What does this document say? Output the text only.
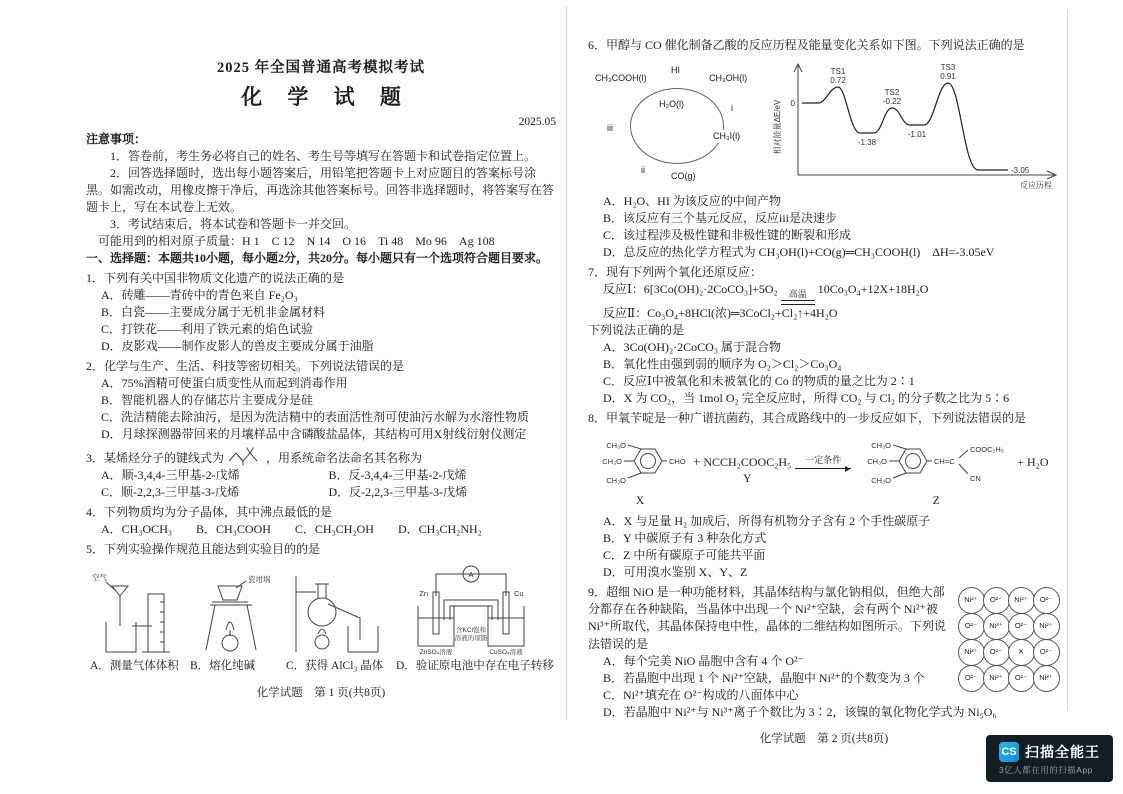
2025 年全国普通高考模拟考试
化 学 试 题
2025.05
注意事项：
1．答卷前，考生务必将自己的姓名、考生号等填写在答题卡和试卷指定位置上。
2．回答选择题时，选出每小题答案后，用铅笔把答题卡上对应题目的答案标号涂黑。如需改动，用橡皮擦干净后，再选涂其他答案标号。回答非选择题时，将答案写在答题卡上，写在本试卷上无效。
3．考试结束后，将本试卷和答题卡一并交回。
可能用到的相对原子质量：H 1　C 12　N 14　O 16　Ti 48　Mo 96　Ag 108
一、选择题：本题共10小题，每小题2分，共20分。每小题只有一个选项符合题目要求。
1．下列有关中国非物质文化遗产的说法正确的是
A．砖雕——青砖中的青色来自 Fe₂O₃
B．白瓷——主要成分属于无机非金属材料
C．打铁花——利用了铁元素的焰色试验
D．皮影戏——制作皮影人的兽皮主要成分属于油脂
2．化学与生产、生活、科技等密切相关。下列说法错误的是
A．75%酒精可使蛋白质变性从而起到消毒作用
B．智能机器人的存储芯片主要成分是硅
C．洗洁精能去除油污，是因为洗洁精中的表面活性剂可使油污水解为水溶性物质
D．月球探测器带回来的月壤样品中含磷酸盐晶体，其结构可用X射线衍射仪测定
3．某烯烃分子的键线式为	，用系统命名法命名其名称为
A．顺-3,4,4-三甲基-2-戊烯	B．反-3,4,4-三甲基-2-戊烯
C．顺-2,2,3-三甲基-3-戊烯	D．反-2,2,3-三甲基-3-戊烯
4．下列物质均为分子晶体，其中沸点最低的是
A．CH₃OCH₃ B．CH₃COOH C．CH₃CH₂OH D．CH₃CH₂NH₂
5．下列实验操作规范且能达到实验目的的是
空气
A．测量气体体积
瓷坩埚
B．熔化纯碱	C．获得 AlCl₃ 晶体
A
Zn	Cu
ZnSO₄溶液	CuSO₄溶液
含KCl饱和
溶液的琼脂
D．验证原电池中存在电子转移
化学试题　第 1 页(共8页)
6．甲醇与 CO 催化制备乙酸的反应历程及能量变化关系如下图。下列说法正确的是
CH₃COOH(l)
HI
CH₃OH(l)
H₂O(l)	i
CH₃I(l)
iii
ii
CO(g)
相对能量ΔE/eV
反应历程
0
TS1
0.72
TS2
-0.22
TS3
0.91
-1.38
-1.01
-3.05
A．H₂O、HI 为该反应的中间产物
B．该反应有三个基元反应，反应iii是决速步
C．该过程涉及极性键和非极性键的断裂和形成
D．总反应的热化学方程式为 CH₃OH(l)+CO(g)═CH₃COOH(l)　ΔH=-3.05eV
7．现有下列两个氧化还原反应：
反应Ⅰ：6[3Co(OH)₂·2CoCO₃]+5O₂ 高温 10Co₃O₄+12X+18H₂O
反应Ⅱ：Co₃O₄+8HCl(浓)═3CoCl₂+Cl₂↑+4H₂O
下列说法正确的是
A．3Co(OH)₂·2CoCO₃ 属于混合物
B．氧化性由强到弱的顺序为 O₂＞Cl₂＞Co₃O₄
C．反应Ⅰ中被氧化和未被氧化的 Co 的物质的量之比为 2∶1
D．X 为 CO₂，当 1mol O₂ 完全反应时，所得 CO₂ 与 Cl₂ 的分子数之比为 5∶6
8．甲氧苄啶是一种广谱抗菌药，其合成路线中的一步反应如下，下列说法错误的是
CH₃O
CH₃O
CH₃O
CHO
X
+ NCCH₂COOC₂H₅
Y
一定条件
CH₃O
CH₃O
CH₃O
CH=C
COOC₂H₅
CN
Z
+ H₂O
A．X 与足量 H₂ 加成后，所得有机物分子含有 2 个手性碳原子
B．Y 中碳原子有 3 种杂化方式
C．Z 中所有碳原子可能共平面
D．可用溴水鉴别 X、Y、Z
Ni²⁺	O²⁻	Ni²⁺	O²⁻
O²⁻	Ni³⁺	O²⁻	Ni²⁺
Ni²⁺	O²⁻	✕	O²⁻
O²⁻	Ni²⁺	O²⁻	Ni³⁺
9．超细 NiO 是一种功能材料，其晶体结构与氯化钠相似，但绝大部分都存在各种缺陷，当晶体中出现一个 Ni²⁺空缺，会有两个 Ni²⁺被 Ni³⁺所取代，其晶体保持电中性，晶体的二维结构如图所示。下列说法错误的是
A．每个完美 NiO 晶胞中含有 4 个 O²⁻
B．若晶胞中出现 1 个 Ni²⁺空缺，晶胞中 Ni²⁺的个数变为 3 个
C．Ni²⁺填充在 O²⁻构成的八面体中心
D．若晶胞中 Ni²⁺与 Ni³⁺离子个数比为 3∶2，该镍的氧化物化学式为 Ni₅O₆
化学试题　第 2 页(共8页)
CS 扫描全能王
3亿人都在用的扫描App
